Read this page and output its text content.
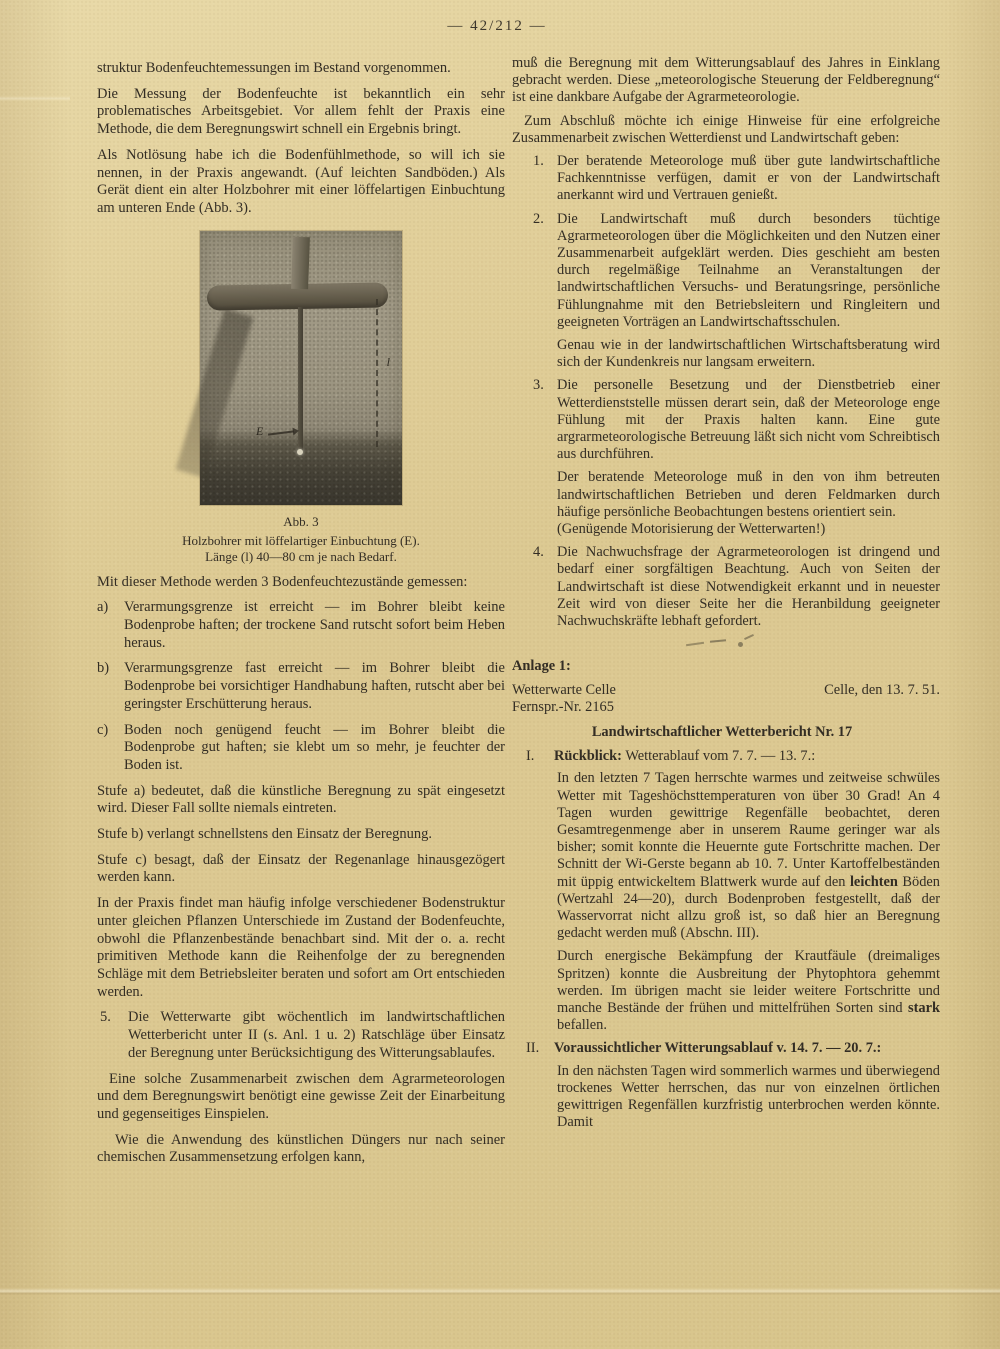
— 42/212 —
struktur Bodenfeuchtemessungen im Bestand vorgenommen.
Die Messung der Bodenfeuchte ist bekanntlich ein sehr problematisches Arbeitsgebiet. Vor allem fehlt der Praxis eine Methode, die dem Beregnungswirt schnell ein Ergebnis bringt.
Als Notlösung habe ich die Bodenfühlmethode, so will ich sie nennen, in der Praxis angewandt. (Auf leichten Sandböden.) Als Gerät dient ein alter Holzbohrer mit einer löffelartigen Einbuchtung am unteren Ende (Abb. 3).
l
E
Abb. 3
Holzbohrer mit löffelartiger Einbuchtung (E).
Länge (l) 40—80 cm je nach Bedarf.
Mit dieser Methode werden 3 Bodenfeuchtezustände gemessen:
a) Verarmungsgrenze ist erreicht — im Bohrer bleibt keine Bodenprobe haften; der trockene Sand rutscht sofort beim Heben heraus.
b) Verarmungsgrenze fast erreicht — im Bohrer bleibt die Bodenprobe bei vorsichtiger Handhabung haften, rutscht aber bei geringster Erschütterung heraus.
c) Boden noch genügend feucht — im Bohrer bleibt die Bodenprobe gut haften; sie klebt um so mehr, je feuchter der Boden ist.
Stufe a) bedeutet, daß die künstliche Beregnung zu spät eingesetzt wird. Dieser Fall sollte niemals eintreten.
Stufe b) verlangt schnellstens den Einsatz der Beregnung.
Stufe c) besagt, daß der Einsatz der Regenanlage hinausgezögert werden kann.
In der Praxis findet man häufig infolge verschiedener Bodenstruktur unter gleichen Pflanzen Unterschiede im Zustand der Bodenfeuchte, obwohl die Pflanzenbestände benachbart sind. Mit der o. a. recht primitiven Methode kann die Reihenfolge der zu beregnenden Schläge mit dem Betriebsleiter beraten und sofort am Ort entschieden werden.
5. Die Wetterwarte gibt wöchentlich im landwirtschaftlichen Wetterbericht unter II (s. Anl. 1 u. 2) Ratschläge über Einsatz der Beregnung unter Berücksichtigung des Witterungsablaufes.
Eine solche Zusammenarbeit zwischen dem Agrarmeteorologen und dem Beregnungswirt benötigt eine gewisse Zeit der Einarbeitung und gegenseitiges Einspielen.
Wie die Anwendung des künstlichen Düngers nur nach seiner chemischen Zusammensetzung erfolgen kann,
muß die Beregnung mit dem Witterungsablauf des Jahres in Einklang gebracht werden. Diese „meteorologische Steuerung der Feldberegnung“ ist eine dankbare Aufgabe der Agrarmeteorologie.
Zum Abschluß möchte ich einige Hinweise für eine erfolgreiche Zusammenarbeit zwischen Wetterdienst und Landwirtschaft geben:
1. Der beratende Meteorologe muß über gute landwirtschaftliche Fachkenntnisse verfügen, damit er von der Landwirtschaft anerkannt wird und Vertrauen genießt.
2. Die Landwirtschaft muß durch besonders tüchtige Agrarmeteorologen über die Möglichkeiten und den Nutzen einer Zusammenarbeit aufgeklärt werden. Dies geschieht am besten durch regelmäßige Teilnahme an Veranstaltungen der landwirtschaftlichen Versuchs- und Beratungsringe, persönliche Fühlungnahme mit den Betriebsleitern und Ringleitern und geeigneten Vorträgen an Landwirtschaftsschulen.
Genau wie in der landwirtschaftlichen Wirtschaftsberatung wird sich der Kundenkreis nur langsam erweitern.
3. Die personelle Besetzung und der Dienstbetrieb einer Wetterdienststelle müssen derart sein, daß der Meteorologe enge Fühlung mit der Praxis halten kann. Eine gute argrarmeteorologische Betreuung läßt sich nicht vom Schreibtisch aus durchführen.
Der beratende Meteorologe muß in den von ihm betreuten landwirtschaftlichen Betrieben und deren Feldmarken durch häufige persönliche Beobachtungen bestens orientiert sein.
(Genügende Motorisierung der Wetterwarten!)
4. Die Nachwuchsfrage der Agrarmeteorologen ist dringend und bedarf einer sorgfältigen Beachtung. Auch von Seiten der Landwirtschaft ist diese Notwendigkeit erkannt und in neuester Zeit wird von dieser Seite her die Heranbildung geeigneter Nachwuchskräfte lebhaft gefordert.
Anlage 1:
Wetterwarte Celle	Celle, den 13. 7. 51.
Fernspr.-Nr. 2165
Landwirtschaftlicher Wetterbericht Nr. 17
I. Rückblick: Wetterablauf vom 7. 7. — 13. 7.:
In den letzten 7 Tagen herrschte warmes und zeitweise schwüles Wetter mit Tageshöchsttemperaturen von über 30 Grad! An 4 Tagen wurden gewittrige Regenfälle beobachtet, deren Gesamtregenmenge aber in unserem Raume geringer war als bisher; somit konnte die Heuernte gute Fortschritte machen. Der Schnitt der Wi-Gerste begann ab 10. 7. Unter Kartoffelbeständen mit üppig entwickeltem Blattwerk wurde auf den leichten Böden (Wertzahl 24—20), durch Bodenproben festgestellt, daß der Wasservorrat nicht allzu groß ist, so daß hier an Beregnung gedacht werden muß (Abschn. III).
Durch energische Bekämpfung der Krautfäule (dreimaliges Spritzen) konnte die Ausbreitung der Phytophtora gehemmt werden. Im übrigen macht sie leider weitere Fortschritte und manche Bestände der frühen und mittelfrühen Sorten sind stark befallen.
II. Voraussichtlicher Witterungsablauf v. 14. 7. — 20. 7.:
In den nächsten Tagen wird sommerlich warmes und überwiegend trockenes Wetter herrschen, das nur von einzelnen örtlichen gewittrigen Regenfällen kurzfristig unterbrochen werden könnte. Damit
